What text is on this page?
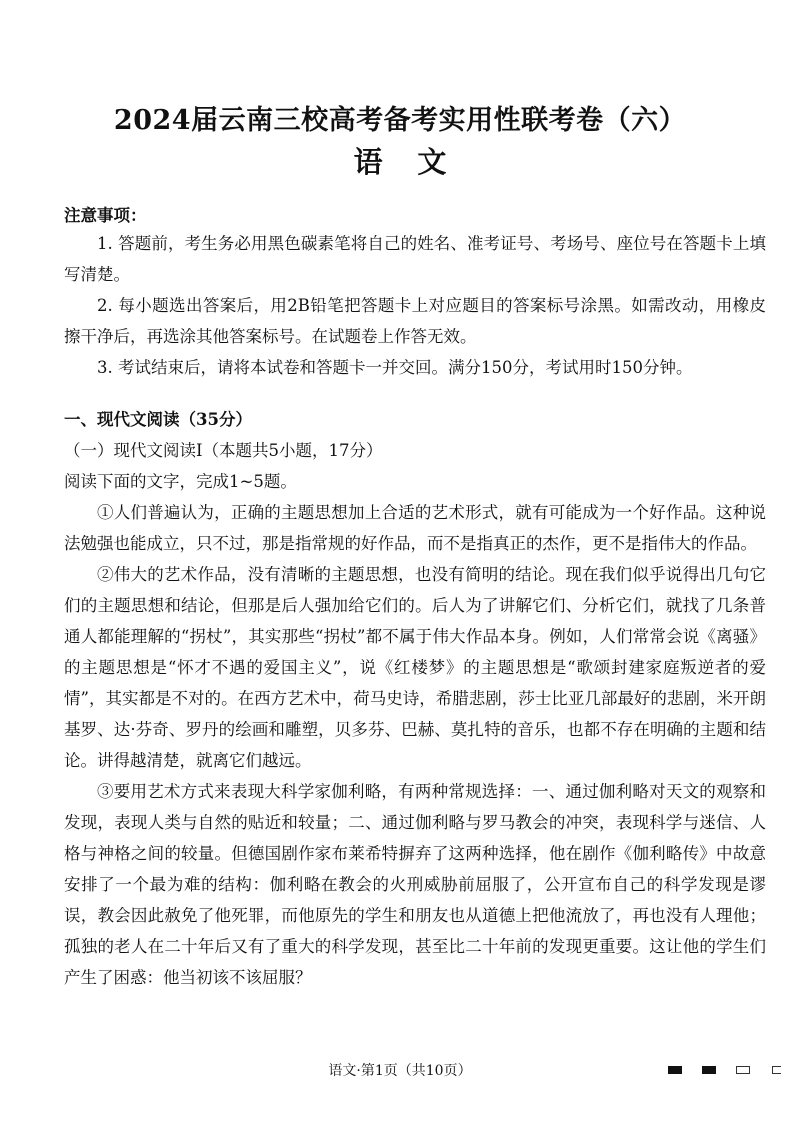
2024届云南三校高考备考实用性联考卷（六）
语 文

注意事项：

1. 答题前，考生务必用黑色碳素笔将自己的姓名、准考证号、考场号、座位号在答题卡上填写清楚。

2. 每小题选出答案后，用2B铅笔把答题卡上对应题目的答案标号涂黑。如需改动，用橡皮擦干净后，再选涂其他答案标号。在试题卷上作答无效。

3. 考试结束后，请将本试卷和答题卡一并交回。满分150分，考试用时150分钟。

一、现代文阅读（35分）

（一）现代文阅读Ⅰ（本题共5小题，17分）

阅读下面的文字，完成1~5题。

①人们普遍认为，正确的主题思想加上合适的艺术形式，就有可能成为一个好作品。这种说法勉强也能成立，只不过，那是指常规的好作品，而不是指真正的杰作，更不是指伟大的作品。

②伟大的艺术作品，没有清晰的主题思想，也没有简明的结论。现在我们似乎说得出几句它们的主题思想和结论，但那是后人强加给它们的。后人为了讲解它们、分析它们，就找了几条普通人都能理解的“拐杖”，其实那些“拐杖”都不属于伟大作品本身。例如，人们常常会说《离骚》的主题思想是“怀才不遇的爱国主义”，说《红楼梦》的主题思想是“歌颂封建家庭叛逆者的爱情”，其实都是不对的。在西方艺术中，荷马史诗，希腊悲剧，莎士比亚几部最好的悲剧，米开朗基罗、达·芬奇、罗丹的绘画和雕塑，贝多芬、巴赫、莫扎特的音乐，也都不存在明确的主题和结论。讲得越清楚，就离它们越远。

③要用艺术方式来表现大科学家伽利略，有两种常规选择：一、通过伽利略对天文的观察和发现，表现人类与自然的贴近和较量；二、通过伽利略与罗马教会的冲突，表现科学与迷信、人格与神格之间的较量。但德国剧作家布莱希特摒弃了这两种选择，他在剧作《伽利略传》中故意安排了一个最为难的结构：伽利略在教会的火刑威胁前屈服了，公开宣布自己的科学发现是谬误，教会因此赦免了他死罪，而他原先的学生和朋友也从道德上把他流放了，再也没有人理他；孤独的老人在二十年后又有了重大的科学发现，甚至比二十年前的发现更重要。这让他的学生们产生了困惑：他当初该不该屈服？

语文·第1页（共10页）
